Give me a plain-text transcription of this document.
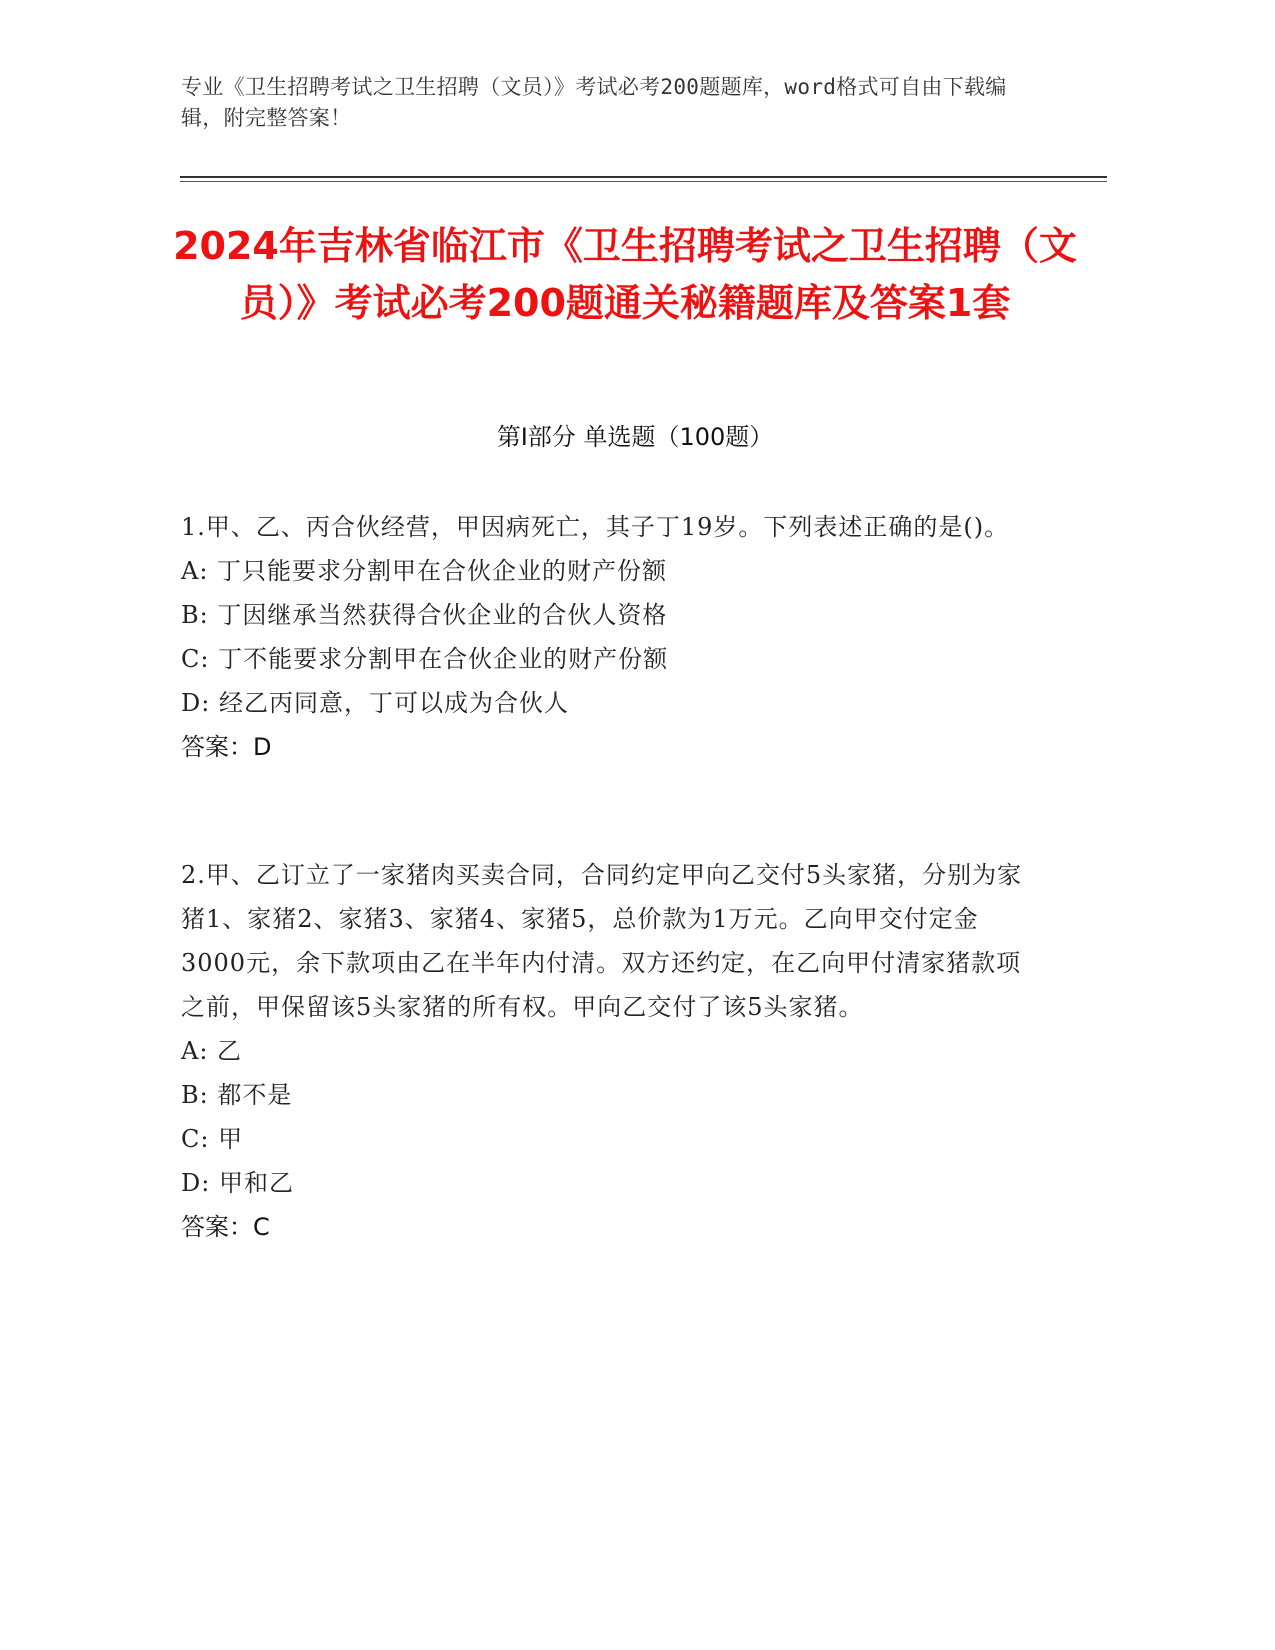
专业《卫生招聘考试之卫生招聘（文员）》考试必考200题题库，word格式可自由下载编辑，附完整答案！
2024年吉林省临江市《卫生招聘考试之卫生招聘（文员）》考试必考200题通关秘籍题库及答案1套
第Ⅰ部分 单选题（100题）
1.甲、乙、丙合伙经营，甲因病死亡，其子丁19岁。下列表述正确的是()。
A: 丁只能要求分割甲在合伙企业的财产份额
B: 丁因继承当然获得合伙企业的合伙人资格
C: 丁不能要求分割甲在合伙企业的财产份额
D: 经乙丙同意，丁可以成为合伙人
答案：D
2.甲、乙订立了一家猪肉买卖合同，合同约定甲向乙交付5头家猪，分别为家猪1、家猪2、家猪3、家猪4、家猪5，总价款为1万元。乙向甲交付定金3000元，余下款项由乙在半年内付清。双方还约定，在乙向甲付清家猪款项之前，甲保留该5头家猪的所有权。甲向乙交付了该5头家猪。
A: 乙
B: 都不是
C: 甲
D: 甲和乙
答案：C
